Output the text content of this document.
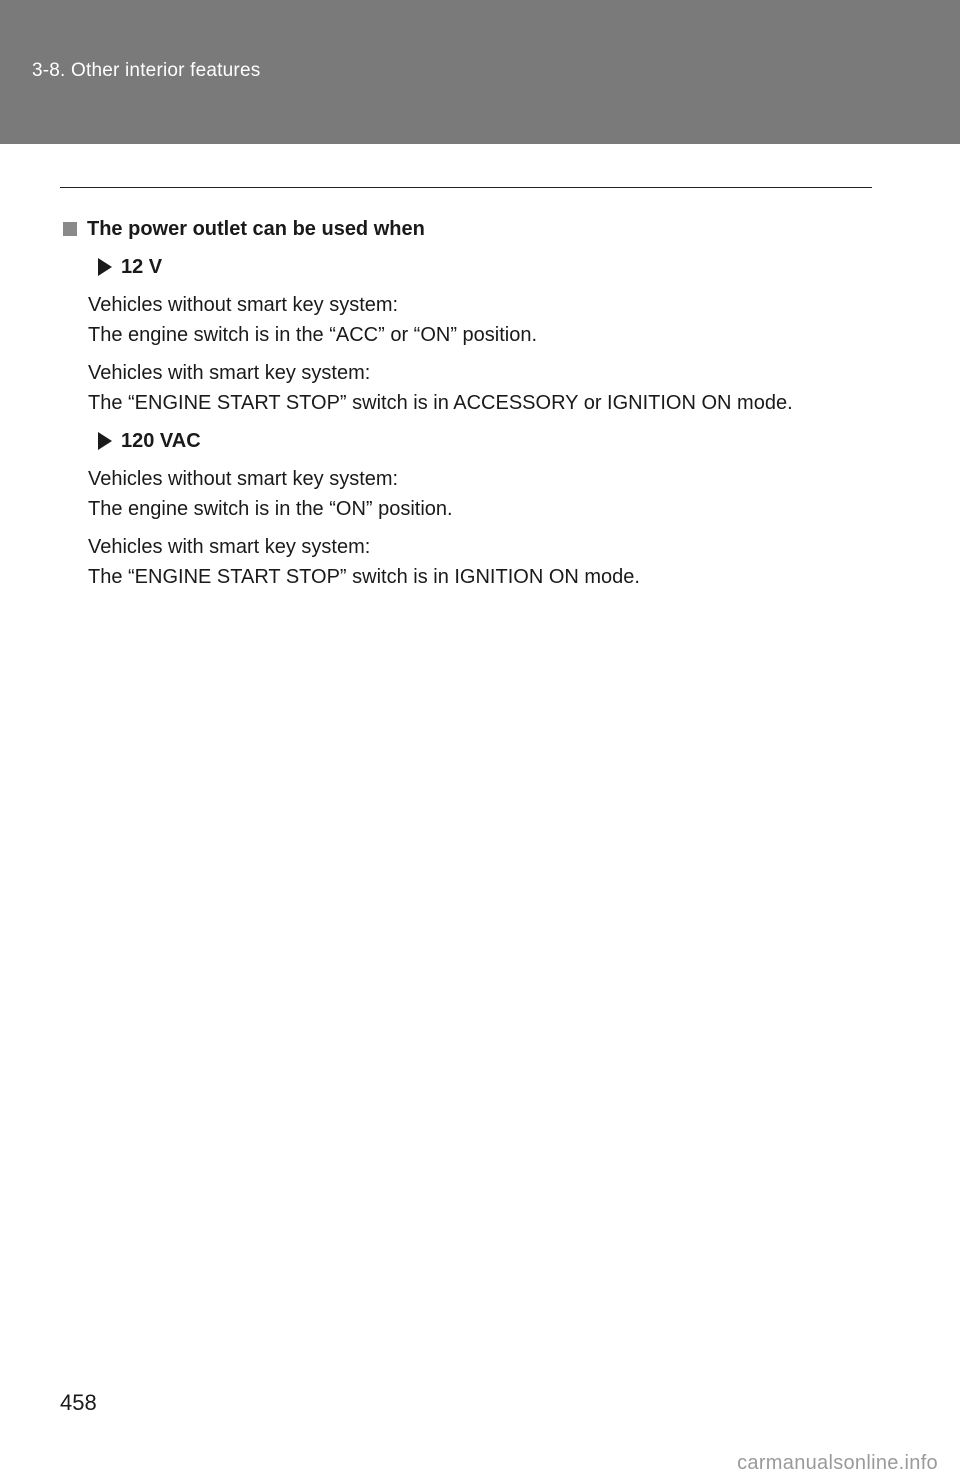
3-8. Other interior features
The power outlet can be used when
12 V
Vehicles without smart key system:
The engine switch is in the “ACC” or “ON” position.
Vehicles with smart key system:
The “ENGINE START STOP” switch is in ACCESSORY or IGNITION ON mode.
120 VAC
Vehicles without smart key system:
The engine switch is in the “ON” position.
Vehicles with smart key system:
The “ENGINE START STOP” switch is in IGNITION ON mode.
458
carmanualsonline.info
